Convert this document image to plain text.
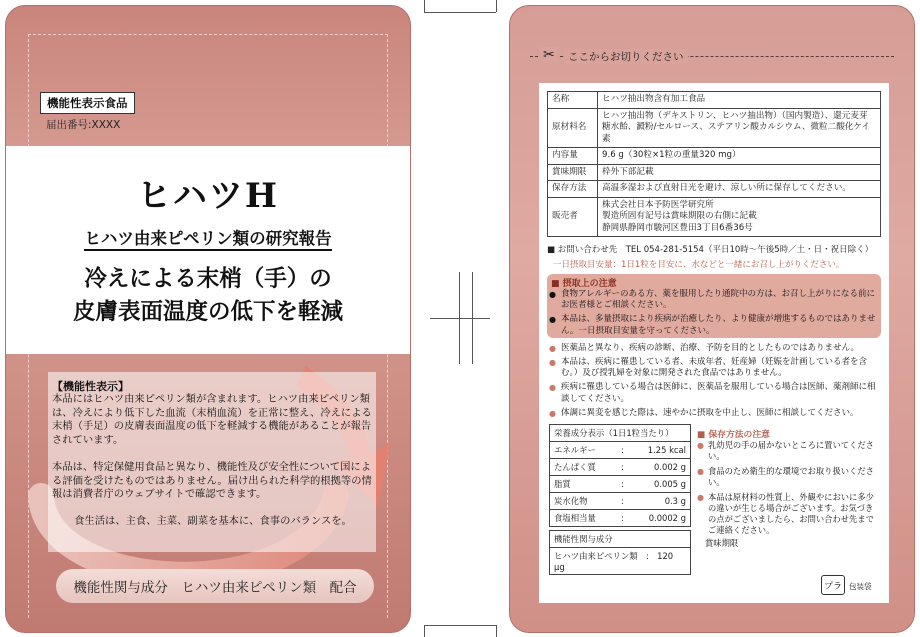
機能性表示食品
届出番号:XXXX
ヒハツH
ヒハツ由来ピペリン類の研究報告
冷えによる末梢（手）の
皮膚表面温度の低下を軽減
【機能性表示】

本品にはヒハツ由来ピペリン類が含まれます。ヒハツ由来ピペリン類は、冷えにより低下した血流（末梢血流）を正常に整え、冷えによる末梢（手足）の皮膚表面温度の低下を軽減する機能があることが報告されています。

本品は、特定保健用食品と異なり、機能性及び安全性について国による評価を受けたものではありません。届け出られた科学的根拠等の情報は消費者庁のウェブサイトで確認できます。

食生活は、主食、主菜、副菜を基本に、食事のバランスを。

機能性関与成分　ヒハツ由来ピペリン類　配合
✂	ここからお切りください
名称	ヒハツ抽出物含有加工食品
原材料名	ヒハツ抽出物（デキストリン、ヒハツ抽出物）（国内製造）、還元麦芽糖水飴、澱粉/セルロース、ステアリン酸カルシウム、微粒二酸化ケイ素
内容量	9.6 g（30粒×1粒の重量320 mg）
賞味期限	枠外下部記載
保存方法	高温多湿および直射日光を避け、涼しい所に保存してください。
販売者	株式会社日本予防医学研究所
製造所固有記号は賞味期限の右側に記載
静岡県静岡市駿河区豊田3丁目6番36号
■ お問い合わせ先　TEL 054-281-5154（平日10時～午後5時／土・日・祝日除く）
一日摂取目安量：1日1粒を目安に、水などと一緒にお召し上がりください。
■ 摂取上の注意
● 食物アレルギーのある方、薬を服用したり通院中の方は、お召し上がりになる前にお医者様とご相談ください。
● 本品は、多量摂取により疾病が治癒したり、より健康が増進するものではありません。一日摂取目安量を守ってください。
● 医薬品と異なり、疾病の診断、治療、予防を目的としたものではありません。
● 本品は、疾病に罹患している者、未成年者、妊産婦（妊娠を計画している者を含む。）及び授乳婦を対象に開発された食品ではありません。
● 疾病に罹患している場合は医師に、医薬品を服用している場合は医師、薬剤師に相談してください。
● 体調に異変を感じた際は、速やかに摂取を中止し、医師に相談してください。
栄養成分表示（1日1粒当たり）		
エネルギー	:	1.25 kcal
たんぱく質	:	0.002 g
脂質	:	0.005 g
炭水化物	:	0.3 g
食塩相当量	:	0.0002 g
機能性関与成分
ヒハツ由来ピペリン類　:　120 μg
■ 保存方法の注意
● 乳幼児の手の届かないところに置いてください。
● 食品のため衛生的な環境でお取り扱いください。
● 本品は原材料の性質上、外観やにおいに多少の違いが生じる場合がございます。お気づきの点がございましたら、お問い合わせ先までご連絡ください。
賞味期限
プラ 包装袋
